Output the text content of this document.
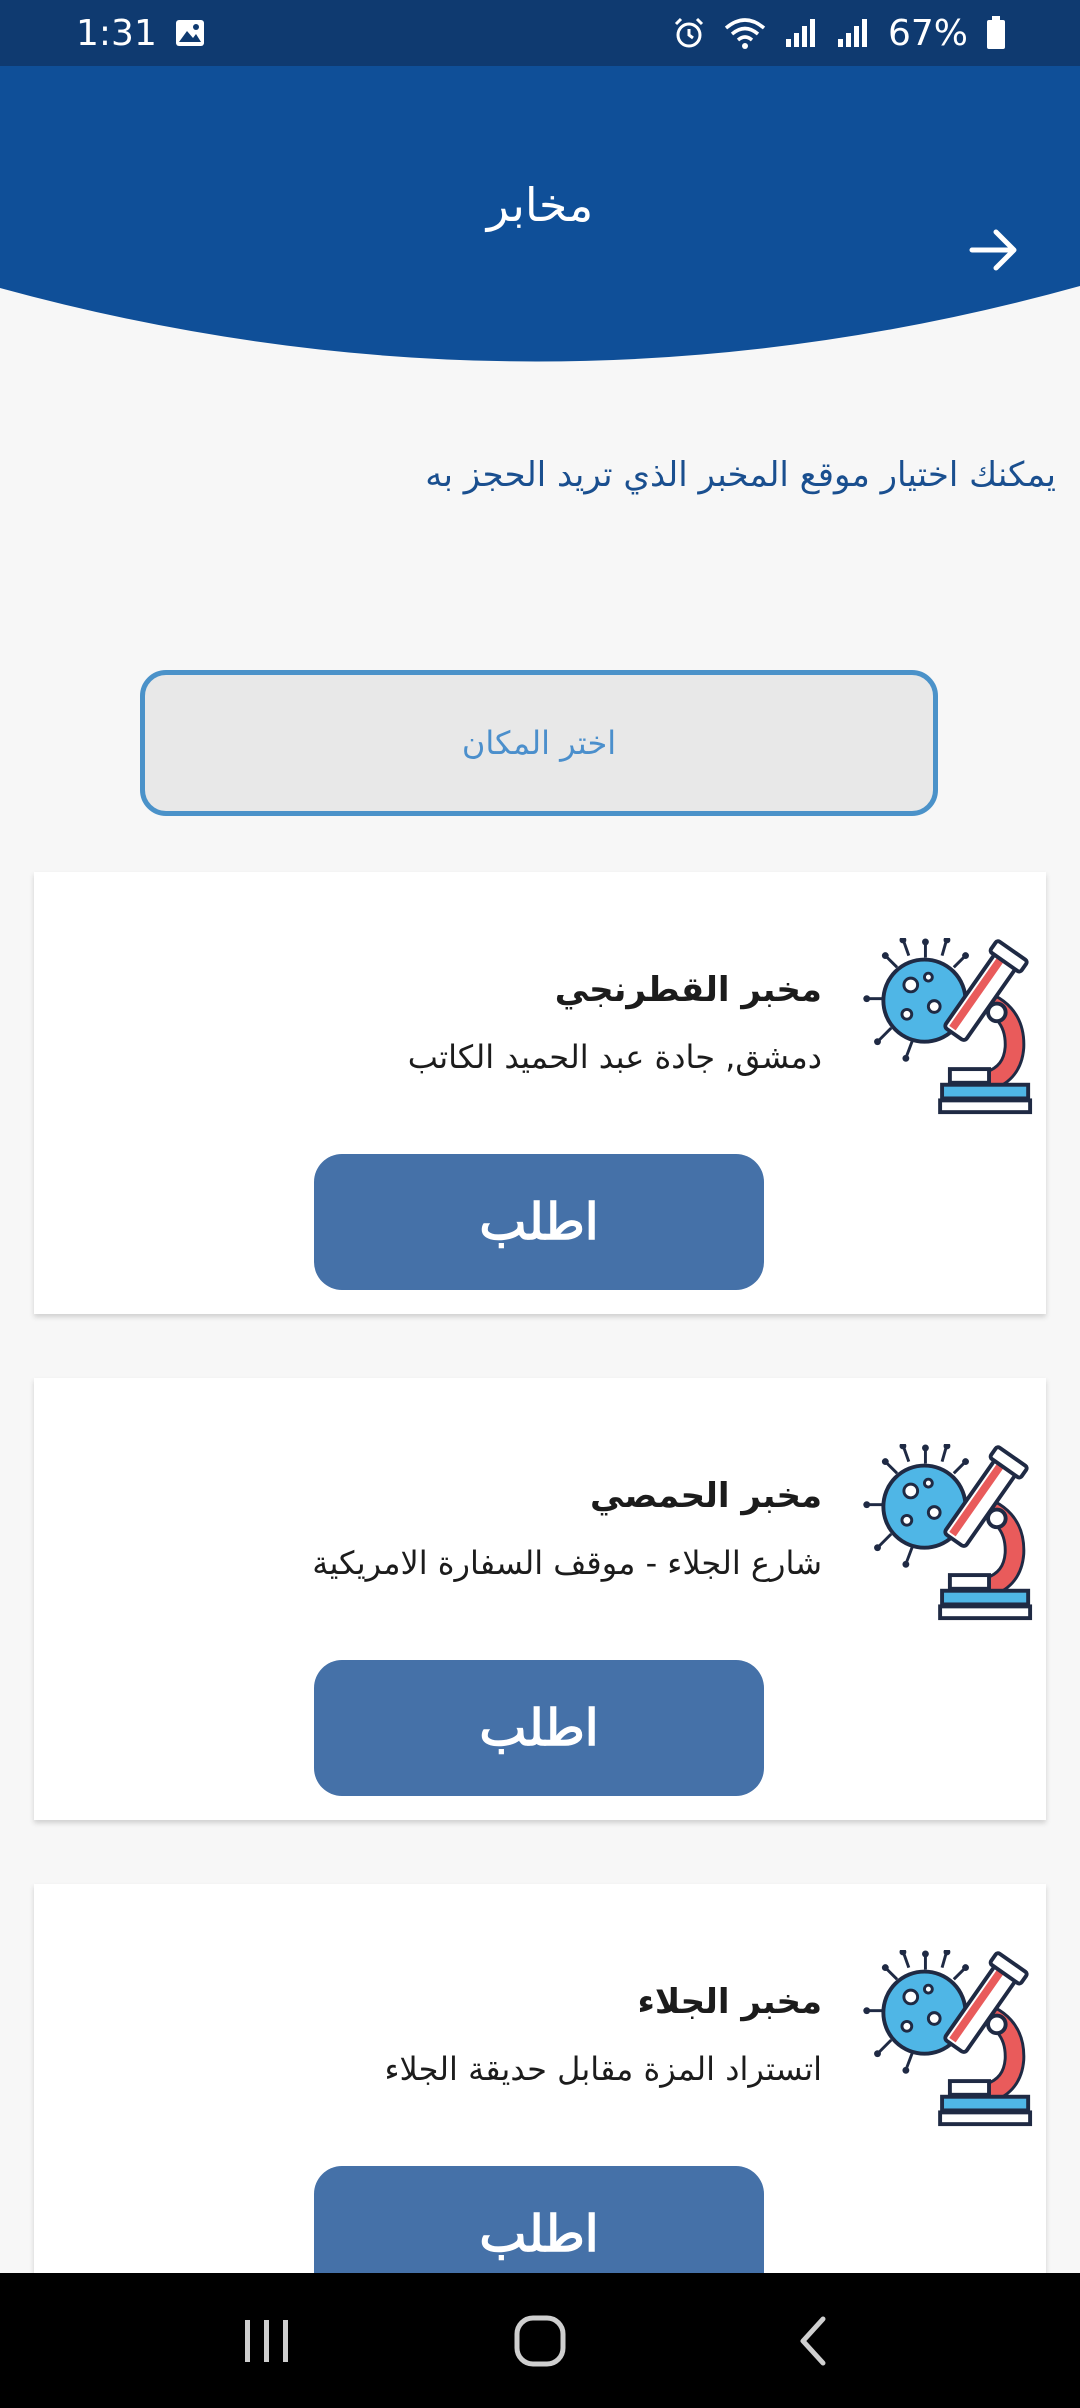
1:31	67%
مخابر
يمكنك اختيار موقع المخبر الذي تريد الحجز به
اختر المكان
مخبر القطرنجي
دمشق, جادة عبد الحميد الكاتب
اطلب
مخبر الحمصي
شارع الجلاء - موقف السفارة الامريكية
اطلب
مخبر الجلاء
اتستراد المزة مقابل حديقة الجلاء
اطلب
